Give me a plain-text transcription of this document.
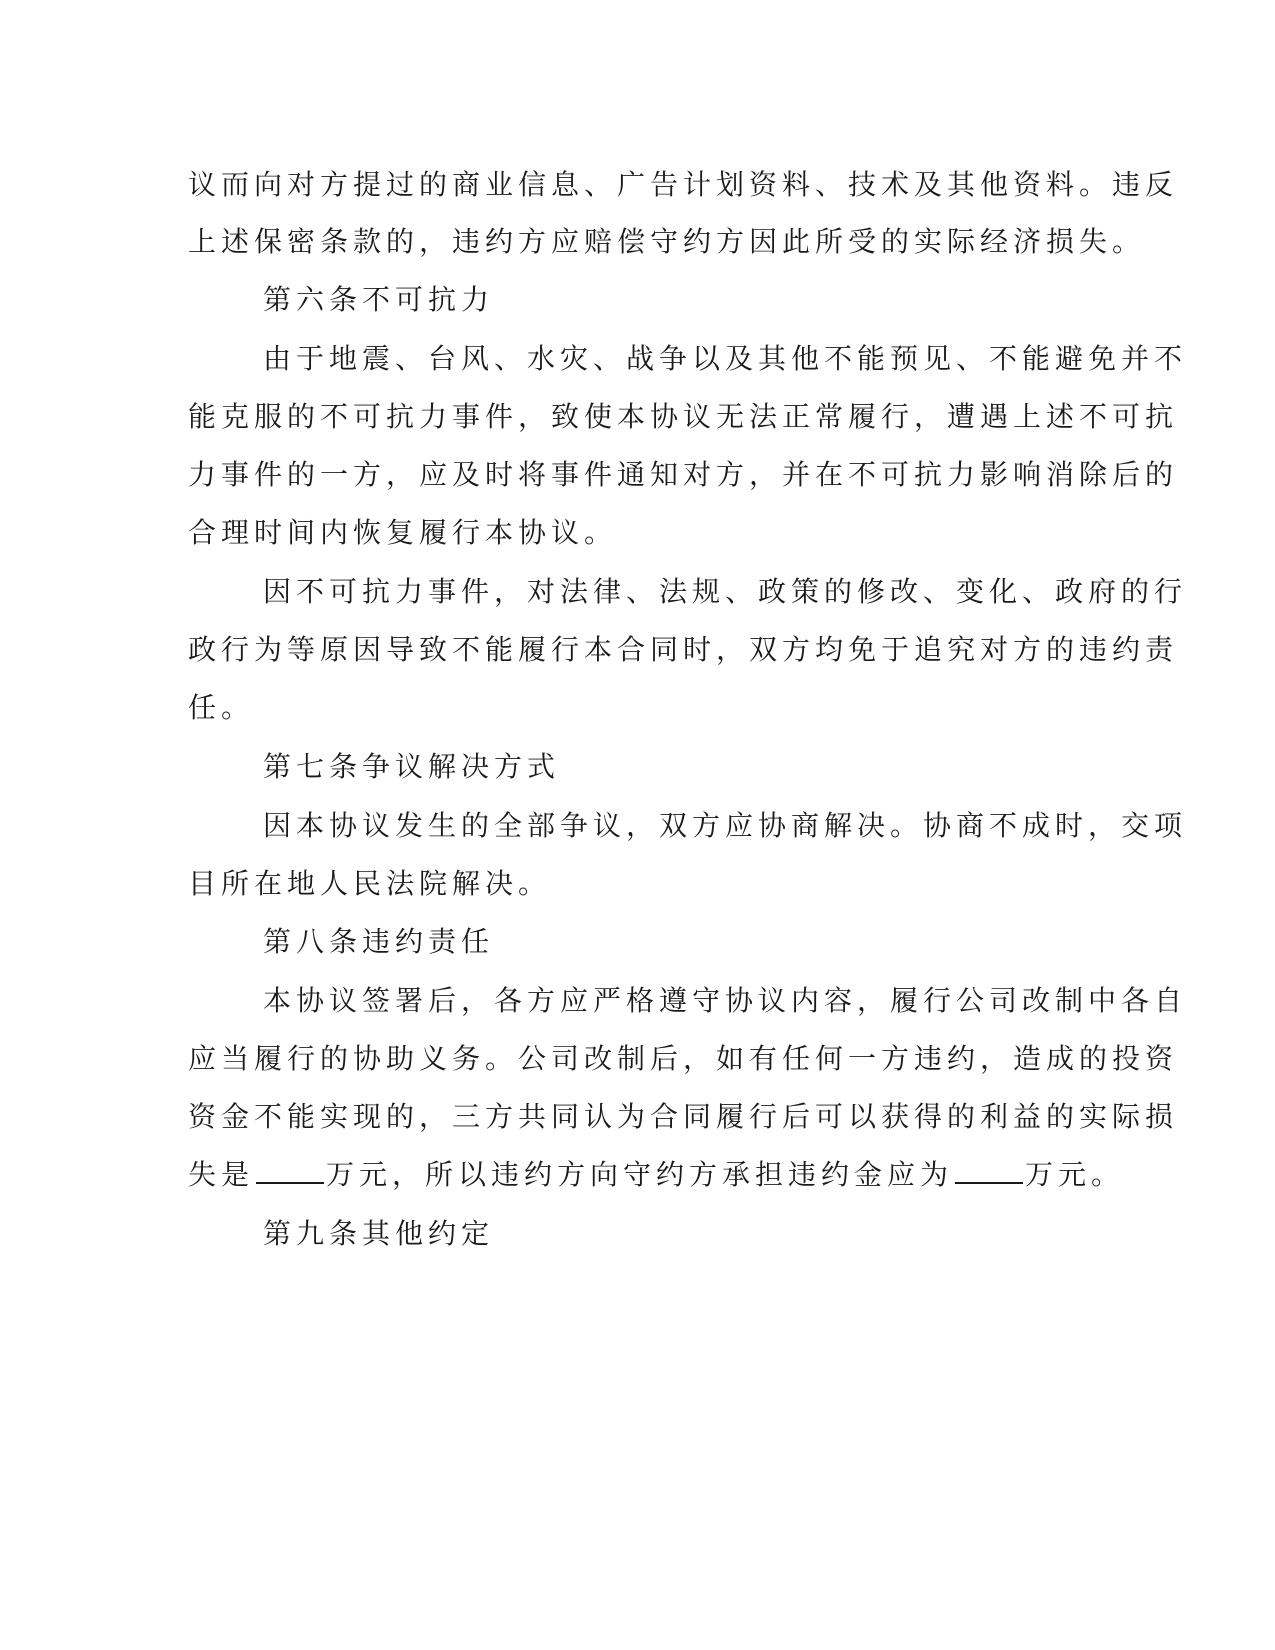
议而向对方提过的商业信息、广告计划资料、技术及其他资料。违反
上述保密条款的，违约方应赔偿守约方因此所受的实际经济损失。
第六条不可抗力
由于地震、台风、水灾、战争以及其他不能预见、不能避免并不
能克服的不可抗力事件，致使本协议无法正常履行，遭遇上述不可抗
力事件的一方，应及时将事件通知对方，并在不可抗力影响消除后的
合理时间内恢复履行本协议。
因不可抗力事件，对法律、法规、政策的修改、变化、政府的行
政行为等原因导致不能履行本合同时，双方均免于追究对方的违约责
任。
第七条争议解决方式
因本协议发生的全部争议，双方应协商解决。协商不成时，交项
目所在地人民法院解决。
第八条违约责任
本协议签署后，各方应严格遵守协议内容，履行公司改制中各自
应当履行的协助义务。公司改制后，如有任何一方违约，造成的投资
资金不能实现的，三方共同认为合同履行后可以获得的利益的实际损
失是	万元，所以违约方向守约方承担违约金应为	万元。
第九条其他约定
